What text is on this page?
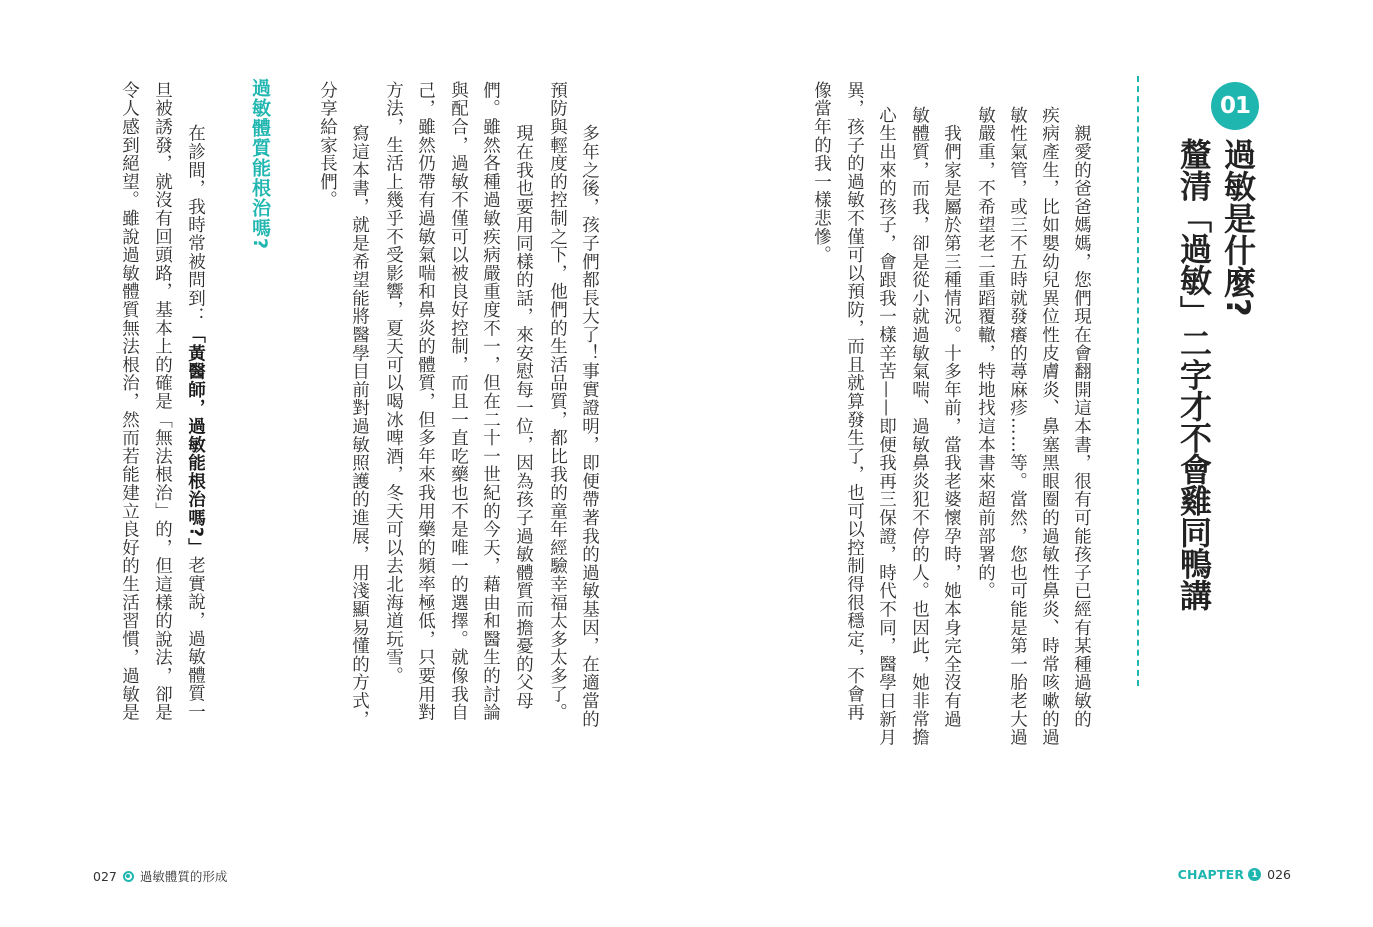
01
過敏是什麼?
釐清「過敏」二字才不會雞同鴨講
　親愛的爸爸媽媽，您們現在會翻開這本書，很有可能孩子已經有某種過敏的
疾病產生，比如嬰幼兒異位性皮膚炎、鼻塞黑眼圈的過敏性鼻炎、時常咳嗽的過
敏性氣管，或三不五時就發癢的蕁麻疹……等。當然，您也可能是第一胎老大過
敏嚴重，不希望老二重蹈覆轍，特地找這本書來超前部署的。
　我們家是屬於第三種情況。十多年前，當我老婆懷孕時，她本身完全沒有過
敏體質，而我，卻是從小就過敏氣喘、過敏鼻炎犯不停的人。也因此，她非常擔
心生出來的孩子，會跟我一樣辛苦——即便我再三保證，時代不同，醫學日新月
異，孩子的過敏不僅可以預防，而且就算發生了，也可以控制得很穩定，不會再
像當年的我一樣悲慘。
　多年之後，孩子們都長大了！事實證明，即便帶著我的過敏基因，在適當的
預防與輕度的控制之下，他們的生活品質，都比我的童年經驗幸福太多太多了。
　現在我也要用同樣的話，來安慰每一位，因為孩子過敏體質而擔憂的父母
們。雖然各種過敏疾病嚴重度不一，但在二十一世紀的今天，藉由和醫生的討論
與配合，過敏不僅可以被良好控制，而且一直吃藥也不是唯一的選擇。就像我自
己，雖然仍帶有過敏氣喘和鼻炎的體質，但多年來我用藥的頻率極低，只要用對
方法，生活上幾乎不受影響，夏天可以喝冰啤酒，冬天可以去北海道玩雪。
　寫這本書，就是希望能將醫學目前對過敏照護的進展，用淺顯易懂的方式，
分享給家長們。
過敏體質能根治嗎?
　在診間，我時常被問到：「黃醫師，過敏能根治嗎?」老實說，過敏體質一
旦被誘發，就沒有回頭路，基本上的確是「無法根治」的，但這樣的說法，卻是
令人感到絕望。雖說過敏體質無法根治，然而若能建立良好的生活習慣，過敏是
027 過敏體質的形成	CHAPTER 1 026
